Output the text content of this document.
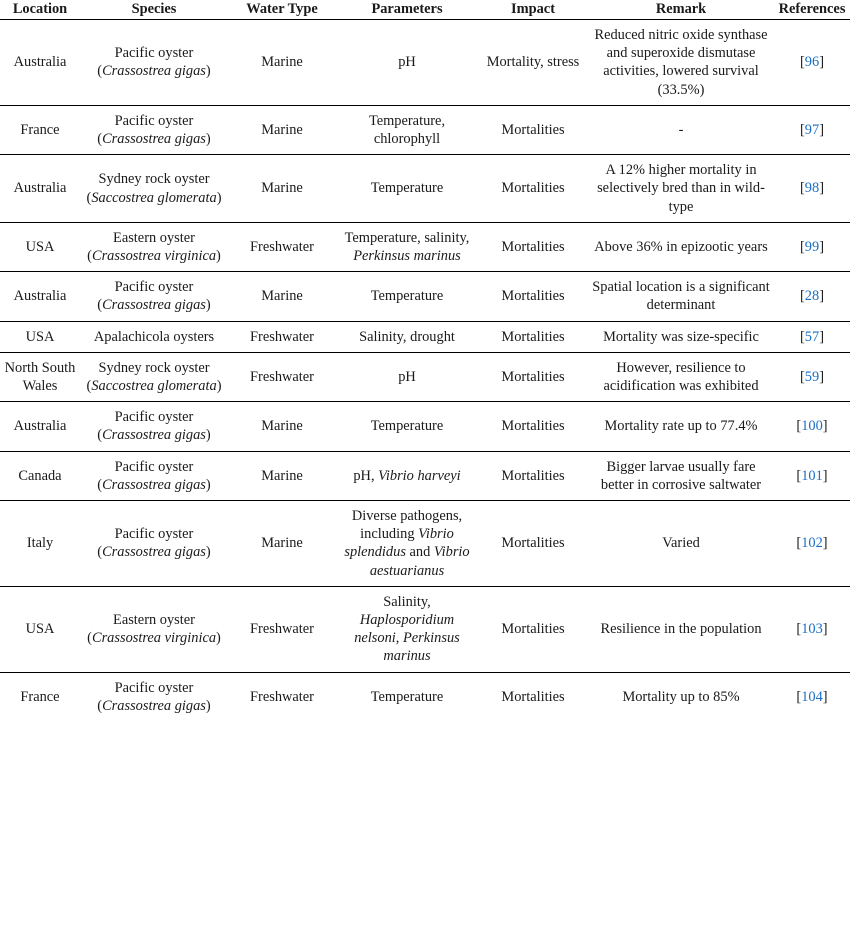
Location	Species	Water Type	Parameters	Impact	Remark	References
Australia	Pacific oyster (Crassostrea gigas)	Marine	pH	Mortality, stress	Reduced nitric oxide synthase and superoxide dismutase activities, lowered survival (33.5%)	[96]
France	Pacific oyster (Crassostrea gigas)	Marine	Temperature, chlorophyll	Mortalities	-	[97]
Australia	Sydney rock oyster (Saccostrea glomerata)	Marine	Temperature	Mortalities	A 12% higher mortality in selectively bred than in wild-type	[98]
USA	Eastern oyster (Crassostrea virginica)	Freshwater	Temperature, salinity, Perkinsus marinus	Mortalities	Above 36% in epizootic years	[99]
Australia	Pacific oyster (Crassostrea gigas)	Marine	Temperature	Mortalities	Spatial location is a significant determinant	[28]
USA	Apalachicola oysters	Freshwater	Salinity, drought	Mortalities	Mortality was size-specific	[57]
North South Wales	Sydney rock oyster (Saccostrea glomerata)	Freshwater	pH	Mortalities	However, resilience to acidification was exhibited	[59]
Australia	Pacific oyster (Crassostrea gigas)	Marine	Temperature	Mortalities	Mortality rate up to 77.4%	[100]
Canada	Pacific oyster (Crassostrea gigas)	Marine	pH, Vibrio harveyi	Mortalities	Bigger larvae usually fare better in corrosive saltwater	[101]
Italy	Pacific oyster (Crassostrea gigas)	Marine	Diverse pathogens, including Vibrio splendidus and Vibrio aestuarianus	Mortalities	Varied	[102]
USA	Eastern oyster (Crassostrea virginica)	Freshwater	Salinity, Haplosporidium nelsoni, Perkinsus marinus	Mortalities	Resilience in the population	[103]
France	Pacific oyster (Crassostrea gigas)	Freshwater	Temperature	Mortalities	Mortality up to 85%	[104]
